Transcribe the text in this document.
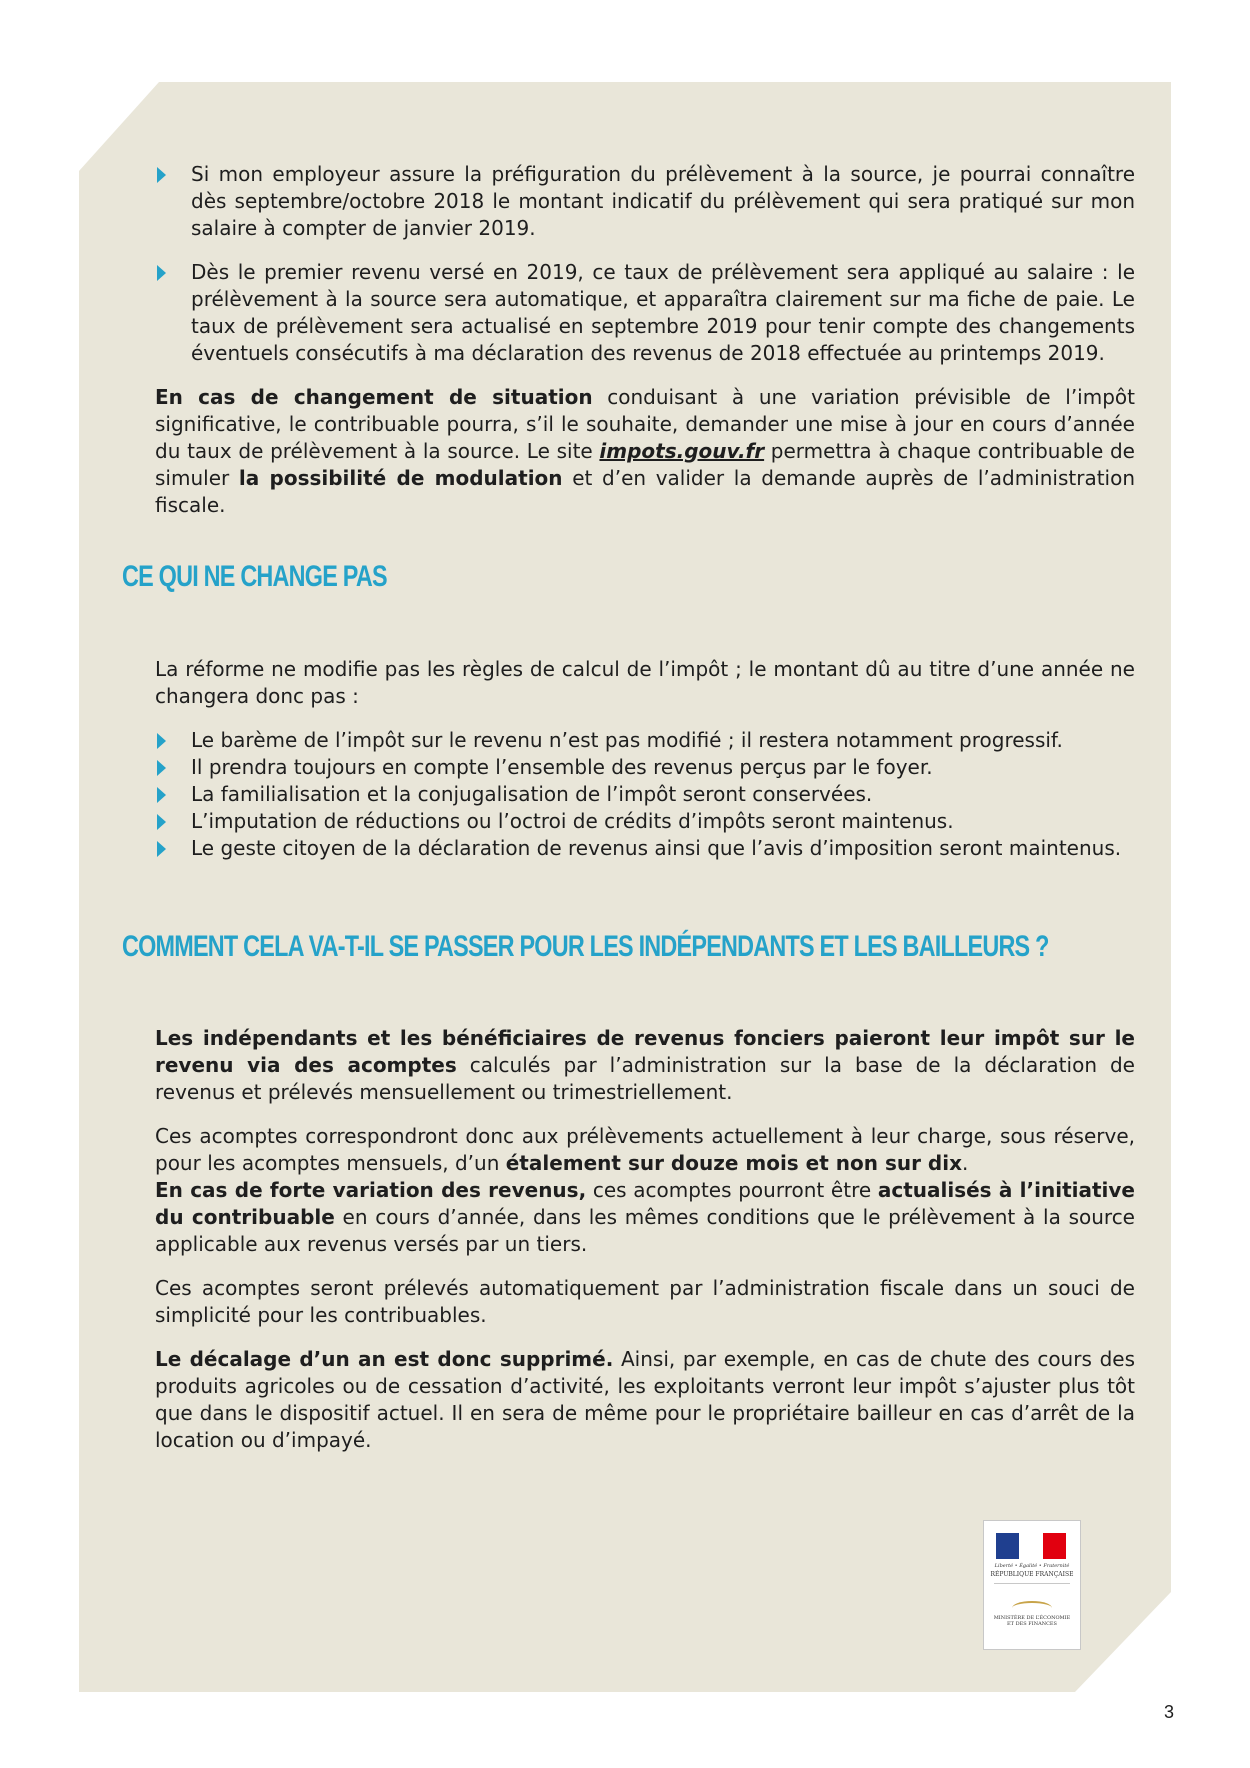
Si mon employeur assure la préfiguration du prélèvement à la source, je pourrai connaître dès septembre/octobre 2018 le montant indicatif du prélèvement qui sera pratiqué sur mon salaire à compter de janvier 2019.
Dès le premier revenu versé en 2019, ce taux de prélèvement sera appliqué au salaire : le prélèvement à la source sera automatique, et apparaîtra clairement sur ma fiche de paie. Le taux de prélèvement sera actualisé en septembre 2019 pour tenir compte des changements éventuels consécutifs à ma déclaration des revenus de 2018 effectuée au printemps 2019.

En cas de changement de situation conduisant à une variation prévisible de l’impôt significative, le contribuable pourra, s’il le souhaite, demander une mise à jour en cours d’année du taux de prélèvement à la source. Le site impots.gouv.fr permettra à chaque contribuable de simuler la possibilité de modulation et d’en valider la demande auprès de l’administration fiscale.

CE QUI NE CHANGE PAS

La réforme ne modifie pas les règles de calcul de l’impôt ; le montant dû au titre d’une année ne changera donc pas :

Le barème de l’impôt sur le revenu n’est pas modifié ; il restera notamment progressif.
Il prendra toujours en compte l’ensemble des revenus perçus par le foyer.
La familialisation et la conjugalisation de l’impôt seront conservées.
L’imputation de réductions ou l’octroi de crédits d’impôts seront maintenus.
Le geste citoyen de la déclaration de revenus ainsi que l’avis d’imposition seront maintenus.
COMMENT CELA VA-T-IL SE PASSER POUR LES INDÉPENDANTS ET LES BAILLEURS ?

Les indépendants et les bénéficiaires de revenus fonciers paieront leur impôt sur le revenu via des acomptes calculés par l’administration sur la base de la déclaration de revenus et prélevés mensuellement ou trimestriellement.

Ces acomptes correspondront donc aux prélèvements actuellement à leur charge, sous réserve, pour les acomptes mensuels, d’un étalement sur douze mois et non sur dix.

En cas de forte variation des revenus, ces acomptes pourront être actualisés à l’initiative du contribuable en cours d’année, dans les mêmes conditions que le prélèvement à la source applicable aux revenus versés par un tiers.

Ces acomptes seront prélevés automatiquement par l’administration fiscale dans un souci de simplicité pour les contribuables.

Le décalage d’un an est donc supprimé. Ainsi, par exemple, en cas de chute des cours des produits agricoles ou de cessation d’activité, les exploitants verront leur impôt s’ajuster plus tôt que dans le dispositif actuel. Il en sera de même pour le propriétaire bailleur en cas d’arrêt de la location ou d’impayé.

Liberté • Égalité • Fraternité
RÉPUBLIQUE FRANÇAISE
MINISTÈRE DE L’ÉCONOMIE
ET DES FINANCES
3
